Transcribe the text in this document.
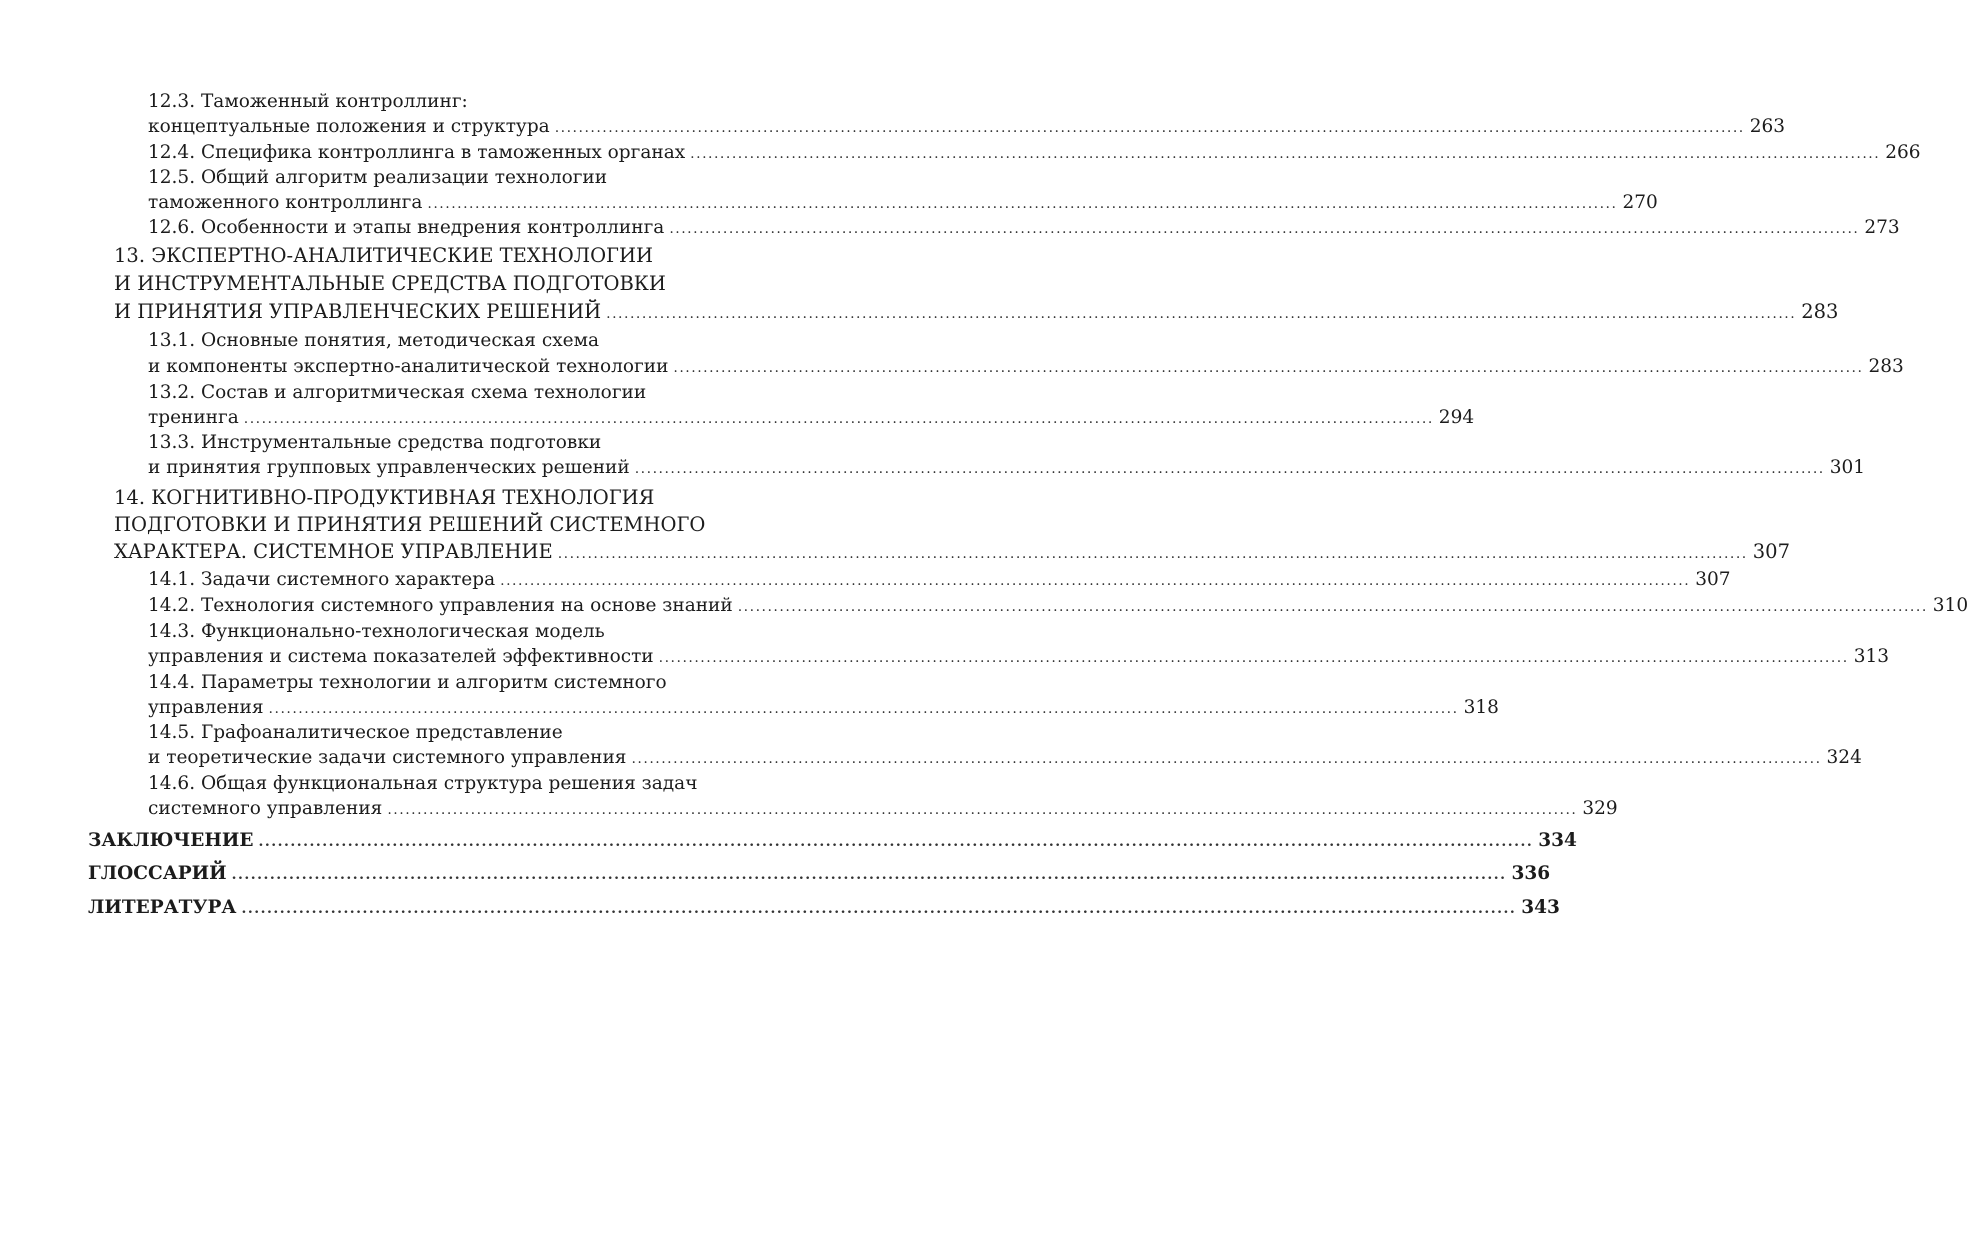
12.3. Таможенный контроллинг:
концептуальные положения и структура ........................................................................................................................................................................................................ 263
12.4. Специфика контроллинга в таможенных органах ........................................................................................................................................................................................................ 266
12.5. Общий алгоритм реализации технологии
таможенного контроллинга ........................................................................................................................................................................................................ 270
12.6. Особенности и этапы внедрения контроллинга ........................................................................................................................................................................................................ 273
13. ЭКСПЕРТНО-АНАЛИТИЧЕСКИЕ ТЕХНОЛОГИИ
И ИНСТРУМЕНТАЛЬНЫЕ СРЕДСТВА ПОДГОТОВКИ
И ПРИНЯТИЯ УПРАВЛЕНЧЕСКИХ РЕШЕНИЙ ........................................................................................................................................................................................................ 283
13.1. Основные понятия, методическая схема
и компоненты экспертно-аналитической технологии ........................................................................................................................................................................................................ 283
13.2. Состав и алгоритмическая схема технологии
тренинга ........................................................................................................................................................................................................ 294
13.3. Инструментальные средства подготовки
и принятия групповых управленческих решений ........................................................................................................................................................................................................ 301
14. КОГНИТИВНО-ПРОДУКТИВНАЯ ТЕХНОЛОГИЯ
ПОДГОТОВКИ И ПРИНЯТИЯ РЕШЕНИЙ СИСТЕМНОГО
ХАРАКТЕРА. СИСТЕМНОЕ УПРАВЛЕНИЕ ........................................................................................................................................................................................................ 307
14.1. Задачи системного характера ........................................................................................................................................................................................................ 307
14.2. Технология системного управления на основе знаний ........................................................................................................................................................................................................ 310
14.3. Функционально-технологическая модель
управления и система показателей эффективности ........................................................................................................................................................................................................ 313
14.4. Параметры технологии и алгоритм системного
управления ........................................................................................................................................................................................................ 318
14.5. Графоаналитическое представление
и теоретические задачи системного управления ........................................................................................................................................................................................................ 324
14.6. Общая функциональная структура решения задач
системного управления ........................................................................................................................................................................................................ 329
ЗАКЛЮЧЕНИЕ ........................................................................................................................................................................................................ 334
ГЛОССАРИЙ ........................................................................................................................................................................................................ 336
ЛИТЕРАТУРА ........................................................................................................................................................................................................ 343
